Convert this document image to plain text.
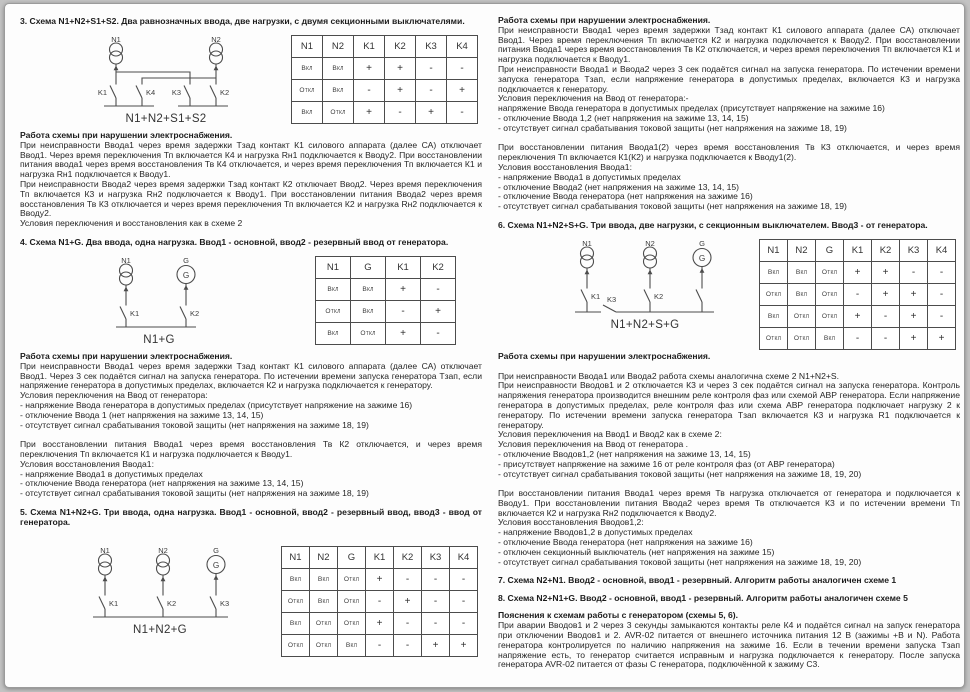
3. Схема N1+N2+S1+S2. Два равнозначных ввода, две нагрузки, с двумя секционными выключателями.
N1	N2
K1	K4 K3	K2
N1+N2+S1+S2
N1	N2	K1	K2	K3	K4
Вкл	Вкл	+	+	-	-
Откл	Вкл	-	+	-	+
Вкл	Откл	+	-	+	-
Работа схемы при нарушении электроснабжения.
При неисправности Ввода1 через время задержки Тзад контакт К1 силового аппарата (далее СА) отключает Ввод1. Через время переключения Тп включается К4 и нагрузка Rн1 подключается к Вводу2. При восстановлении питания ввода1 через время восстановления Тв К4 отключается, и через время переключения Тп включается К1 и нагрузка Rн1 подключается к Вводу1.
При неисправности Ввода2 через время задержки Тзад контакт К2 отключает Ввод2. Через время переключения Тп включается К3 и нагрузка Rн2 подключается к Вводу1. При восстановлении питания Ввода2 через время восстановления Тв К3 отключается и через время переключения Тп включается К2 и нагрузка Rн2 подключается к Вводу2.
Условия переключения и восстановления как в схеме 2
4. Схема N1+G. Два ввода, одна нагрузка. Ввод1 - основной, ввод2 - резервный ввод от генератора.
N1	G
G
K1	K2
N1+G
N1	G	K1	K2
Вкл	Вкл	+	-
Откл	Вкл	-	+
Вкл	Откл	+	-
Работа схемы при нарушении электроснабжения.
При неисправности Ввода1 через время задержки Тзад контакт К1 силового аппарата (далее СА) отключает Ввод1. Через 3 сек подаётся сигнал на запуска генератора. По истечении времени запуска генератора Тзап, если напряжение генератора в допустимых пределах, включается К2 и нагрузка подключается к генератору.
Условия переключения на Ввод от генератора:
- напряжение Ввода генератора в допустимых пределах (присутствует напряжение на зажиме 16)
- отключение Ввода 1 (нет напряжения на зажиме 13, 14, 15)
- отсутствует сигнал срабатывания токовой защиты (нет напряжения на зажиме 18, 19)
При восстановлении питания Ввода1 через время восстановления Тв К2 отключается, и через время переключения Тп включается К1 и нагрузка подключается к Вводу1.
Условия восстановления Ввода1:
- напряжение Ввода1 в допустимых пределах
- отключение Ввода генератора (нет напряжения на зажиме 13, 14, 15)
- отсутствует сигнал срабатывания токовой защиты (нет напряжения на зажиме 18, 19)
5. Схема N1+N2+G. Три ввода, одна нагрузка. Ввод1 - основной, ввод2 - резервный ввод, ввод3 - ввод от генератора.
N1	N2	G
G
K1	K2	K3
N1+N2+G
N1	N2	G	K1	K2	K3	K4
Вкл	Вкл	Откл	+	-	-	-
Откл	Вкл	Откл	-	+	-	-
Вкл	Откл	Откл	+	-	-	-
Откл	Откл	Вкл	-	-	+	+
Работа схемы при нарушении электроснабжения.
При неисправности Ввода1 через время задержки Тзад контакт К1 силового аппарата (далее СА) отключает Ввод1. Через время переключения Тп включается К2 и нагрузка подключается к Вводу2. При восстановлении питания Ввода1 через время восстановления Тв К2 отключается, и через время переключения Тп включается К1 и нагрузка подключается к Вводу1.
При неисправности Ввода1 и Ввода2 через 3 сек подаётся сигнал на запуска генератора. По истечении времени запуска генератора Тзап, если напряжение генератора в допустимых пределах, включается К3 и нагрузка подключается к генератору.
Условия переключения на Ввод от генератора:-
напряжение Ввода генератора в допустимых пределах (присутствует напряжение на зажиме 16)
- отключение Ввода 1,2 (нет напряжения на зажиме 13, 14, 15)
- отсутствует сигнал срабатывания токовой защиты (нет напряжения на зажиме 18, 19)
При восстановлении питания Ввода1(2) через время восстановления Тв К3 отключается, и через время переключения Тп включается К1(К2) и нагрузка подключается к Вводу1(2).
Условия восстановления Ввода1:
- напряжение Ввода1 в допустимых пределах
- отключение Ввода2 (нет напряжения на зажиме 13, 14, 15)
- отключение Ввода генератора (нет напряжения на зажиме 16)
- отсутствует сигнал срабатывания токовой защиты (нет напряжения на зажиме 18, 19)
6. Схема N1+N2+S+G. Три ввода, две нагрузки, с секционным выключателем. Ввод3 - от генератора.
N1	N2	G
G
K1	K2
K3
N1+N2+S+G
N1	N2	G	K1	K2	K3	K4
Вкл	Вкл	Откл	+	+	-	-
Откл	Вкл	Откл	-	+	+	-
Вкл	Откл	Откл	+	-	+	-
Откл	Откл	Вкл	-	-	+	+
Работа схемы при нарушении электроснабжения.
При неисправности Ввода1 или Ввода2 работа схемы аналогична схеме 2 N1+N2+S.
При неисправности Вводов1 и 2 отключается К3 и через 3 сек подаётся сигнал на запуска генератора. Контроль напряжения генератора производится внешним реле контроля фаз или схемой АВР генератора. Если напряжение генератора в допустимых пределах, реле контроля фаз или схема АВР генератора подключает нагрузку 2 к генератору. По истечении времени запуска генератора Тзап включается К3 и нагрузка R1 подключается к генератору.
Условия переключения на Ввод1 и Ввод2 как в схеме 2:
Условия переключения на Ввод от генератора .
- отключение Вводов1,2 (нет напряжения на зажиме 13, 14, 15)
- присутствует напряжение на зажиме 16 от реле контроля фаз (от АВР генератора)
- отсутствует сигнал срабатывания токовой защиты (нет напряжения на зажиме 18, 19, 20)
При восстановлении питания Ввода1 через время Тв нагрузка отключается от генератора и подключается к Вводу1. При восстановлении питания Ввода2 через время Тв отключается К3 и по истечении времени Тп включается К2 и нагрузка Rн2 подключается к Вводу2.
Условия восстановления Вводов1,2:
- напряжение Вводов1,2 в допустимых пределах
- отключение Ввода генератора (нет напряжения на зажиме 16)
- отключен секционный выключатель (нет напряжения на зажиме 15)
- отсутствует сигнал срабатывания токовой защиты (нет напряжения на зажиме 18, 19, 20)
7. Схема N2+N1. Ввод2 - основной, ввод1 - резервный. Алгоритм работы аналогичен схеме 1
8. Схема N2+N1+G. Ввод2 - основной, ввод1 - резервный. Алгоритм работы аналогичен схеме 5
Пояснения к схемам работы с генератором (схемы 5, 6).
При аварии Вводов1 и 2 через 3 секунды замыкаются контакты реле К4 и подаётся сигнал на запуск генератора при отключении Вводов1 и 2. AVR-02 питается от внешнего источника питания 12 В (зажимы +В и N). Работа генератора контролируется по наличию напряжения на зажиме 16. Если в течении времени запуска Тзап напряжение есть, то генератор считается исправным и нагрузка подключается к генератору. После запуска генератора AVR-02 питается от фазы С генератора, подключённой к зажиму С3.
